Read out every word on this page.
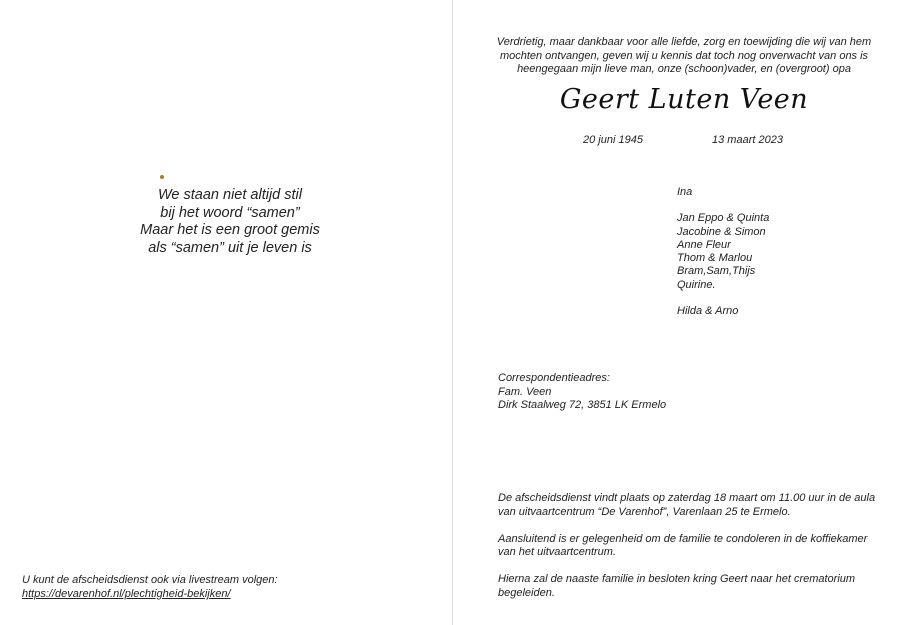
We staan niet altijd stil
bij het woord “samen”
Maar het is een groot gemis
als “samen” uit je leven is
U kunt de afscheidsdienst ook via livestream volgen:
https://devarenhof.nl/plechtigheid-bekijken/
Verdrietig, maar dankbaar voor alle liefde, zorg en toewijding die wij van hem mochten ontvangen, geven wij u kennis dat toch nog onverwacht van ons is heengegaan mijn lieve man, onze (schoon)vader, en (overgroot) opa
Geert Luten Veen
20 juni 1945	13 maart 2023
Ina
Jan Eppo & Quinta
Jacobine & Simon
Anne Fleur
Thom & Marlou
Bram,Sam,Thijs
Quirine.
Hilda & Arno
Correspondentieadres:
Fam. Veen
Dirk Staalweg 72, 3851 LK Ermelo

De afscheidsdienst vindt plaats op zaterdag 18 maart om 11.00 uur in de aula van uitvaartcentrum “De Varenhof”, Varenlaan 25 te Ermelo.

Aansluitend is er gelegenheid om de familie te condoleren in de koffiekamer van het uitvaartcentrum.

Hierna zal de naaste familie in besloten kring Geert naar het crematorium begeleiden.
